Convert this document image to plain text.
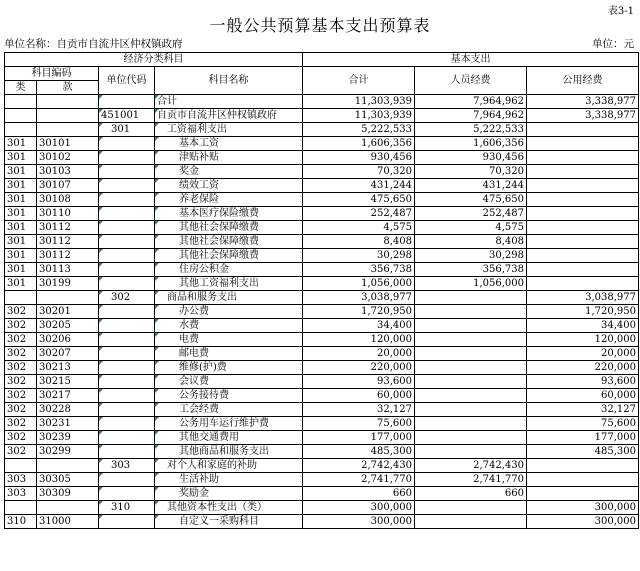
表3-1
一般公共预算基本支出预算表
单位名称：自贡市自流井区仲权镇政府	单位：元
经济分类科目				基本支出		
科目编码		单位代码	科目名称	合计	人员经费	公用经费
类	款					
			合计	11,303,939	7,964,962	3,338,977
		451001	自贡市自流井区仲权镇政府	11,303,939	7,964,962	3,338,977
		301	工资福利支出	5,222,533	5,222,533	
301	30101		基本工资	1,606,356	1,606,356	
301	30102		津贴补贴	930,456	930,456	
301	30103		奖金	70,320	70,320	
301	30107		绩效工资	431,244	431,244	
301	30108		养老保险	475,650	475,650	
301	30110		基本医疗保险缴费	252,487	252,487	
301	30112		其他社会保障缴费	4,575	4,575	
301	30112		其他社会保障缴费	8,408	8,408	
301	30112		其他社会保障缴费	30,298	30,298	
301	30113		住房公积金	356,738	356,738	
301	30199		其他工资福利支出	1,056,000	1,056,000	
		302	商品和服务支出	3,038,977		3,038,977
302	30201		办公费	1,720,950		1,720,950
302	30205		水费	34,400		34,400
302	30206		电费	120,000		120,000
302	30207		邮电费	20,000		20,000
302	30213		维修(护)费	220,000		220,000
302	30215		会议费	93,600		93,600
302	30217		公务接待费	60,000		60,000
302	30228		工会经费	32,127		32,127
302	30231		公务用车运行维护费	75,600		75,600
302	30239		其他交通费用	177,000		177,000
302	30299		其他商品和服务支出	485,300		485,300
		303	对个人和家庭的补助	2,742,430	2,742,430	
303	30305		生活补助	2,741,770	2,741,770	
303	30309		奖励金	660	660	
		310	其他资本性支出（类）	300,000		300,000
310	31000		自定义一采购科目	300,000		300,000
